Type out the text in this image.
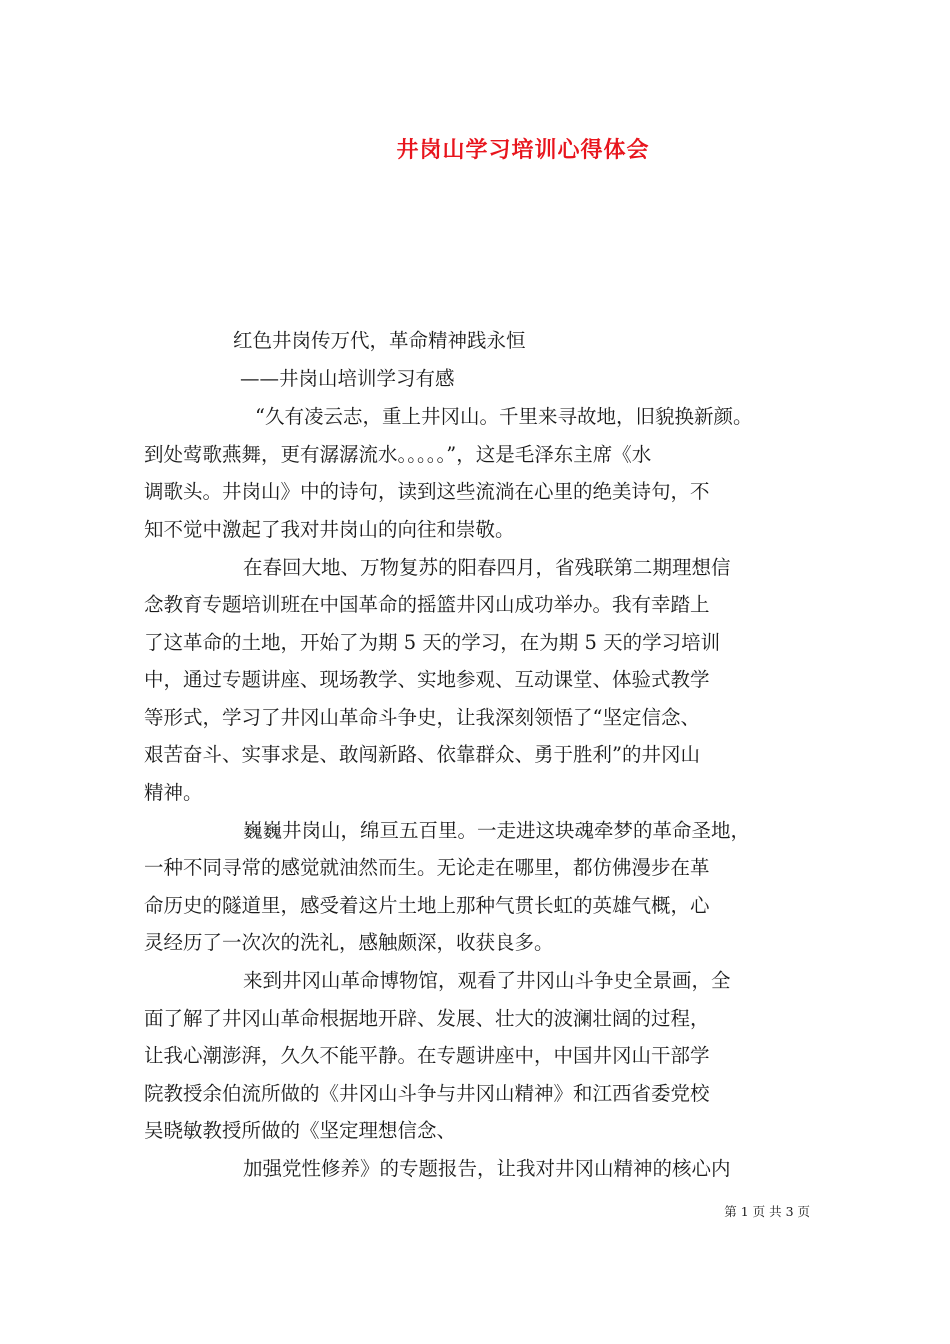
井岗山学习培训心得体会

红色井岗传万代，革命精神践永恒

——井岗山培训学习有感

“久有凌云志，重上井冈山。千里来寻故地，旧貌换新颜。

到处莺歌燕舞，更有潺潺流水。。。。。”，这是毛泽东主席《水

调歌头。井岗山》中的诗句，读到这些流淌在心里的绝美诗句，不

知不觉中激起了我对井岗山的向往和崇敬。

在春回大地、万物复苏的阳春四月，省残联第二期理想信

念教育专题培训班在中国革命的摇篮井冈山成功举办。我有幸踏上

了这革命的土地，开始了为期 5 天的学习，在为期 5 天的学习培训

中，通过专题讲座、现场教学、实地参观、互动课堂、体验式教学

等形式，学习了井冈山革命斗争史，让我深刻领悟了“坚定信念、

艰苦奋斗、实事求是、敢闯新路、依靠群众、勇于胜利”的井冈山

精神。

巍巍井岗山，绵亘五百里。一走进这块魂牵梦的革命圣地，

一种不同寻常的感觉就油然而生。无论走在哪里，都仿佛漫步在革

命历史的隧道里，感受着这片土地上那种气贯长虹的英雄气概，心

灵经历了一次次的洗礼，感触颇深，收获良多。

来到井冈山革命博物馆，观看了井冈山斗争史全景画，全

面了解了井冈山革命根据地开辟、发展、壮大的波澜壮阔的过程，

让我心潮澎湃，久久不能平静。在专题讲座中，中国井冈山干部学

院教授余伯流所做的《井冈山斗争与井冈山精神》和江西省委党校

吴晓敏教授所做的《坚定理想信念、

加强党性修养》的专题报告，让我对井冈山精神的核心内

第 1 页 共 3 页
